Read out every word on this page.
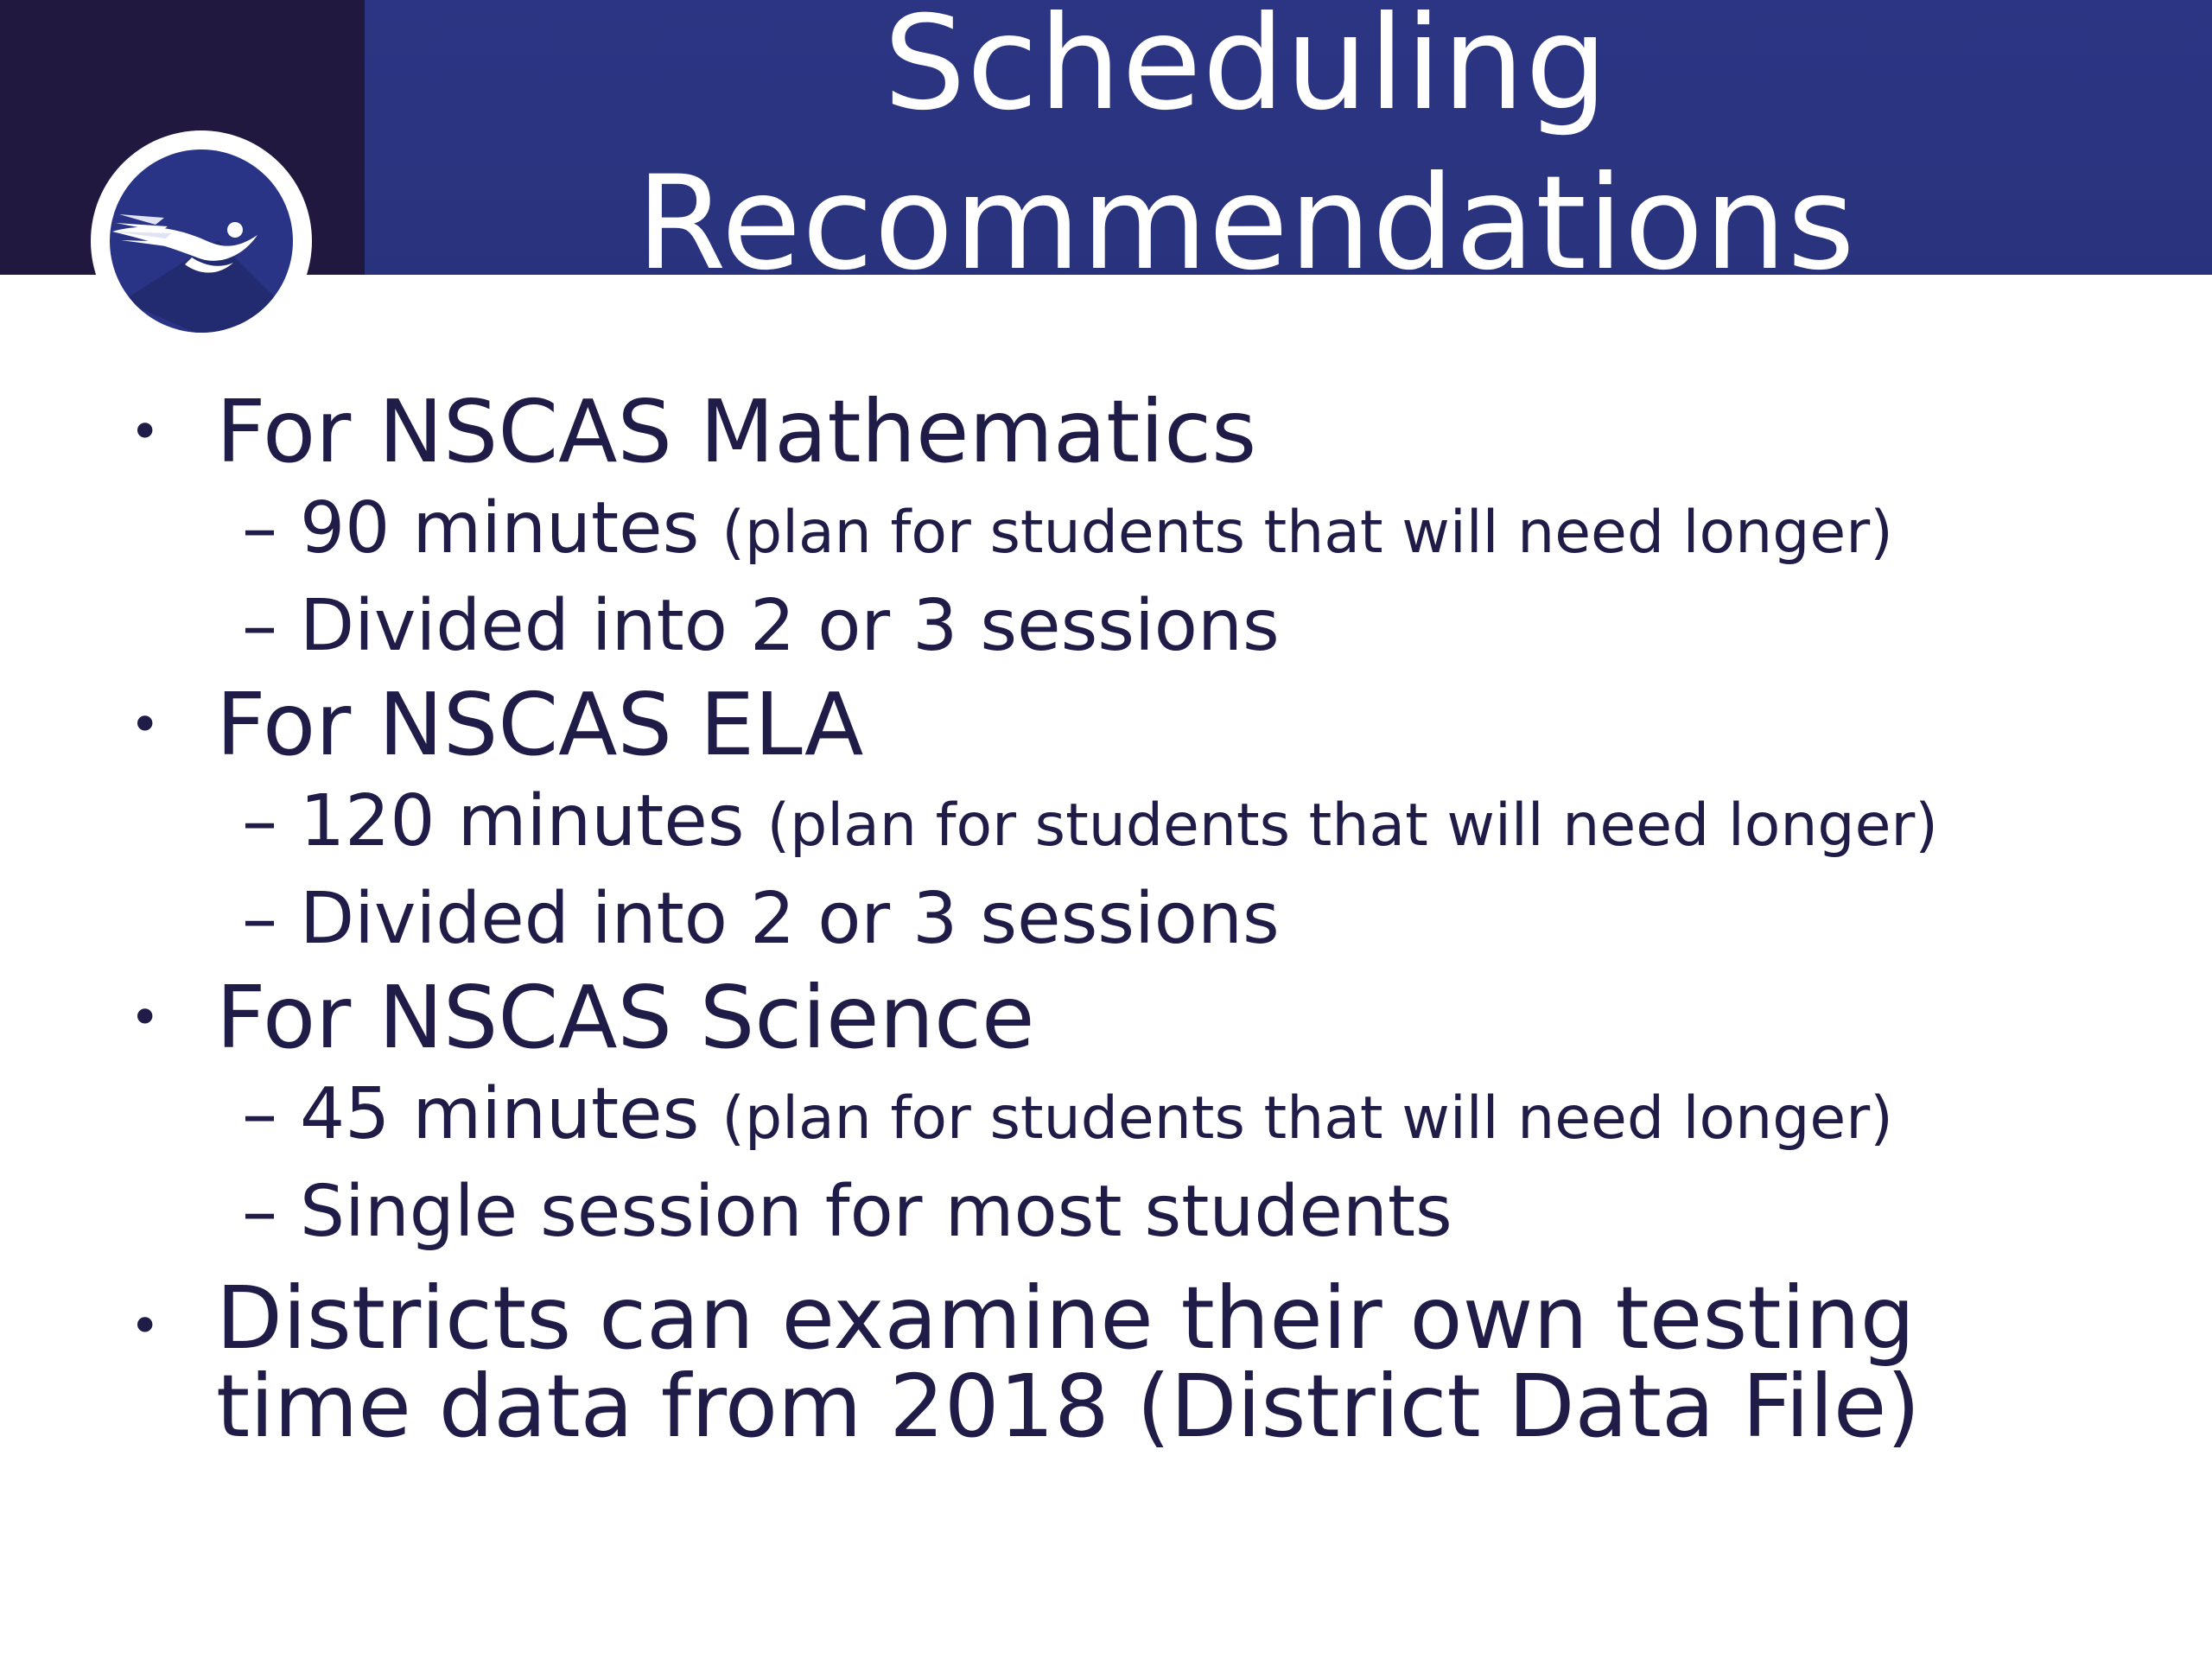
Scheduling
Recommendations
• For NSCAS Mathematics
– 90 minutes (plan for students that will need longer)
– Divided into 2 or 3 sessions
• For NSCAS ELA
– 120 minutes (plan for students that will need longer)
– Divided into 2 or 3 sessions
• For NSCAS Science
– 45 minutes (plan for students that will need longer)
– Single session for most students
• Districts can examine their own testing
time data from 2018 (District Data File)
